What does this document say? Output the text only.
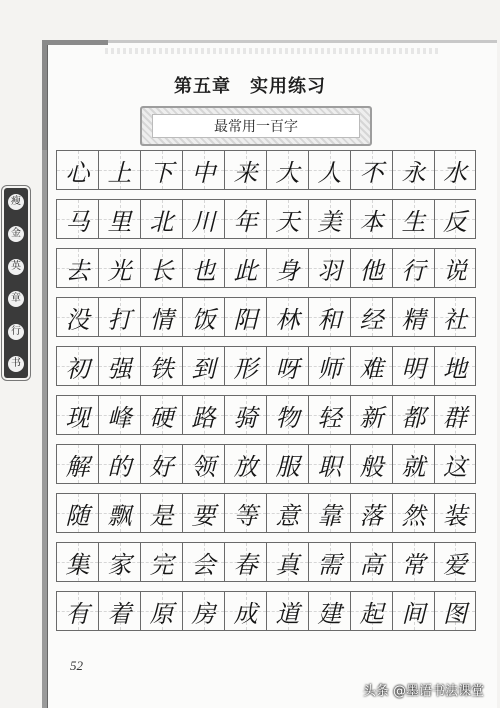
第五章　实用练习
最常用一百字
瘦
金
英
章
行
书
心 上 下 中 来 大 人 不 永 水
马 里 北 川 年 天 美 本 生 反
去 光 长 也 此 身 羽 他 行 说
没 打 情 饭 阳 林 和 经 精 社
初 强 铁 到 形 呀 师 难 明 地
现 峰 硬 路 骑 物 轻 新 都 群
解 的 好 领 放 服 职 般 就 这
随 飘 是 要 等 意 靠 落 然 装
集 家 完 会 春 真 需 高 常 爱
有 着 原 房 成 道 建 起 间 图
52
头条 @墨语书法课堂
